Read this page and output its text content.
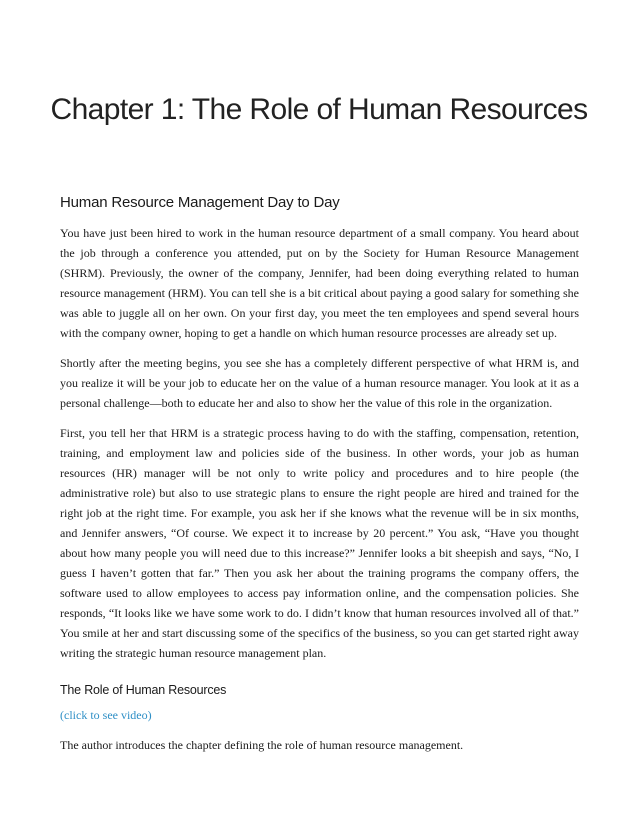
Chapter 1: The Role of Human Resources
Human Resource Management Day to Day

You have just been hired to work in the human resource department of a small company. You heard about the job through a conference you attended, put on by the Society for Human Resource Management (SHRM). Previously, the owner of the company, Jennifer, had been doing everything related to human resource management (HRM). You can tell she is a bit critical about paying a good salary for something she was able to juggle all on her own. On your first day, you meet the ten employees and spend several hours with the company owner, hoping to get a handle on which human resource processes are already set up.

Shortly after the meeting begins, you see she has a completely different perspective of what HRM is, and you realize it will be your job to educate her on the value of a human resource manager. You look at it as a personal challenge—both to educate her and also to show her the value of this role in the organization.

First, you tell her that HRM is a strategic process having to do with the staffing, compensation, retention, training, and employment law and policies side of the business. In other words, your job as human resources (HR) manager will be not only to write policy and procedures and to hire people (the administrative role) but also to use strategic plans to ensure the right people are hired and trained for the right job at the right time. For example, you ask her if she knows what the revenue will be in six months, and Jennifer answers, “Of course. We expect it to increase by 20 percent.” You ask, “Have you thought about how many people you will need due to this increase?” Jennifer looks a bit sheepish and says, “No, I guess I haven’t gotten that far.” Then you ask her about the training programs the company offers, the software used to allow employees to access pay information online, and the compensation policies. She responds, “It looks like we have some work to do. I didn’t know that human resources involved all of that.” You smile at her and start discussing some of the specifics of the business, so you can get started right away writing the strategic human resource management plan.

The Role of Human Resources
(click to see video)

The author introduces the chapter defining the role of human resource management.
